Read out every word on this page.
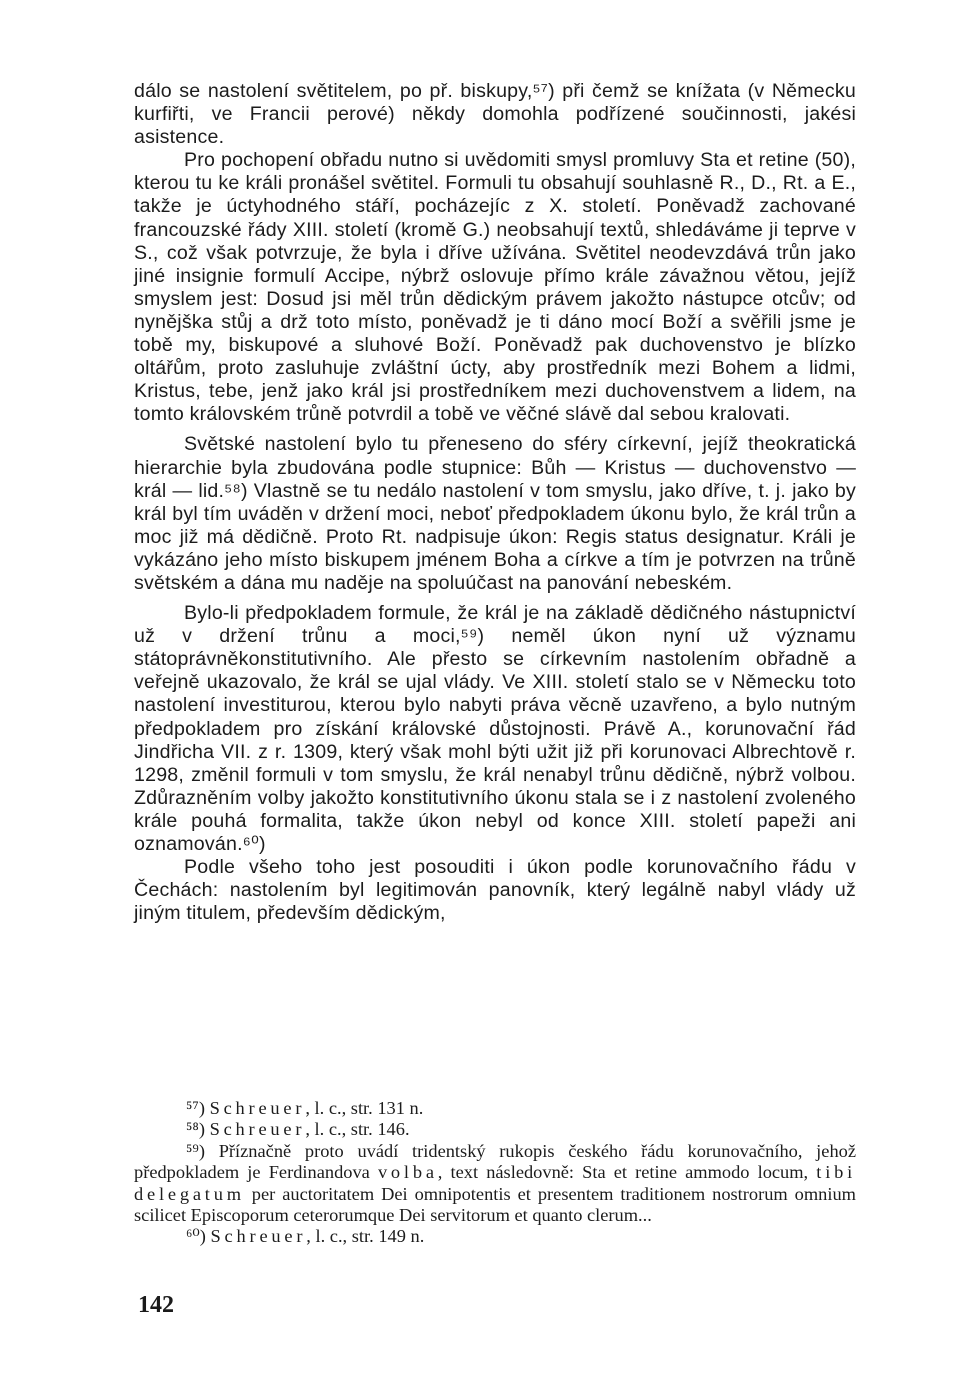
dálo se nastolení světitelem, po př. biskupy,⁵⁷) při čemž se knížata (v Německu kurfiřti, ve Francii perové) někdy domohla podřízené součinnosti, jakési asistence.

Pro pochopení obřadu nutno si uvědomiti smysl promluvy Sta et retine (50), kterou tu ke králi pronášel světitel. Formuli tu obsahují souhlasně R., D., Rt. a E., takže je úctyhodného stáří, pocházejíc z X. století. Poněvadž zachované francouzské řády XIII. století (kromě G.) neobsahují textů, shledáváme ji teprve v S., což však potvrzuje, že byla i dříve užívána. Světitel neodevzdává trůn jako jiné insignie formulí Accipe, nýbrž oslovuje přímo krále závažnou větou, jejíž smyslem jest: Dosud jsi měl trůn dědickým právem jakožto nástupce otcův; od nynějška stůj a drž toto místo, poněvadž je ti dáno mocí Boží a svěřili jsme je tobě my, biskupové a sluhové Boží. Poněvadž pak duchovenstvo je blízko oltářům, proto zasluhuje zvláštní úcty, aby prostředník mezi Bohem a lidmi, Kristus, tebe, jenž jako král jsi prostředníkem mezi duchovenstvem a lidem, na tomto královském trůně potvrdil a tobě ve věčné slávě dal sebou kralovati.

Světské nastolení bylo tu přeneseno do sféry církevní, jejíž theokratická hierarchie byla zbudována podle stupnice: Bůh — Kristus — duchovenstvo — král — lid.⁵⁸) Vlastně se tu nedálo nastolení v tom smyslu, jako dříve, t. j. jako by král byl tím uváděn v držení moci, neboť předpokladem úkonu bylo, že král trůn a moc již má dědičně. Proto Rt. nadpisuje úkon: Regis status designatur. Králi je vykázáno jeho místo biskupem jménem Boha a církve a tím je potvrzen na trůně světském a dána mu naděje na spoluúčast na panování nebeském.

Bylo-li předpokladem formule, že král je na základě dědičného nástupnictví už v držení trůnu a moci,⁵⁹) neměl úkon nyní už významu státoprávněkonstitutivního. Ale přesto se církevním nastolením obřadně a veřejně ukazovalo, že král se ujal vlády. Ve XIII. století stalo se v Německu toto nastolení investiturou, kterou bylo nabyti práva věcně uzavřeno, a bylo nutným předpokladem pro získání královské důstojnosti. Právě A., korunovační řád Jindřicha VII. z r. 1309, který však mohl býti užit již při korunovaci Albrechtově r. 1298, změnil formuli v tom smyslu, že král nenabyl trůnu dědičně, nýbrž volbou. Zdůrazněním volby jakožto konstitutivního úkonu stala se i z nastolení zvoleného krále pouhá formalita, takže úkon nebyl od konce XIII. století papeži ani oznamován.⁶⁰)

Podle všeho toho jest posouditi i úkon podle korunovačního řádu v Čechách: nastolením byl legitimován panovník, který legálně nabyl vlády už jiným titulem, především dědickým,

⁵⁷) Schreuer, l. c., str. 131 n.

⁵⁸) Schreuer, l. c., str. 146.

⁵⁹) Příznačně proto uvádí tridentský rukopis českého řádu korunovačního, jehož předpokladem je Ferdinandova volba, text následovně: Sta et retine ammodo locum, tibi delegatum per auctoritatem Dei omnipotentis et presentem traditionem nostrorum omnium scilicet Episcoporum ceterorumque Dei servitorum et quanto clerum...

⁶⁰) Schreuer, l. c., str. 149 n.

142
